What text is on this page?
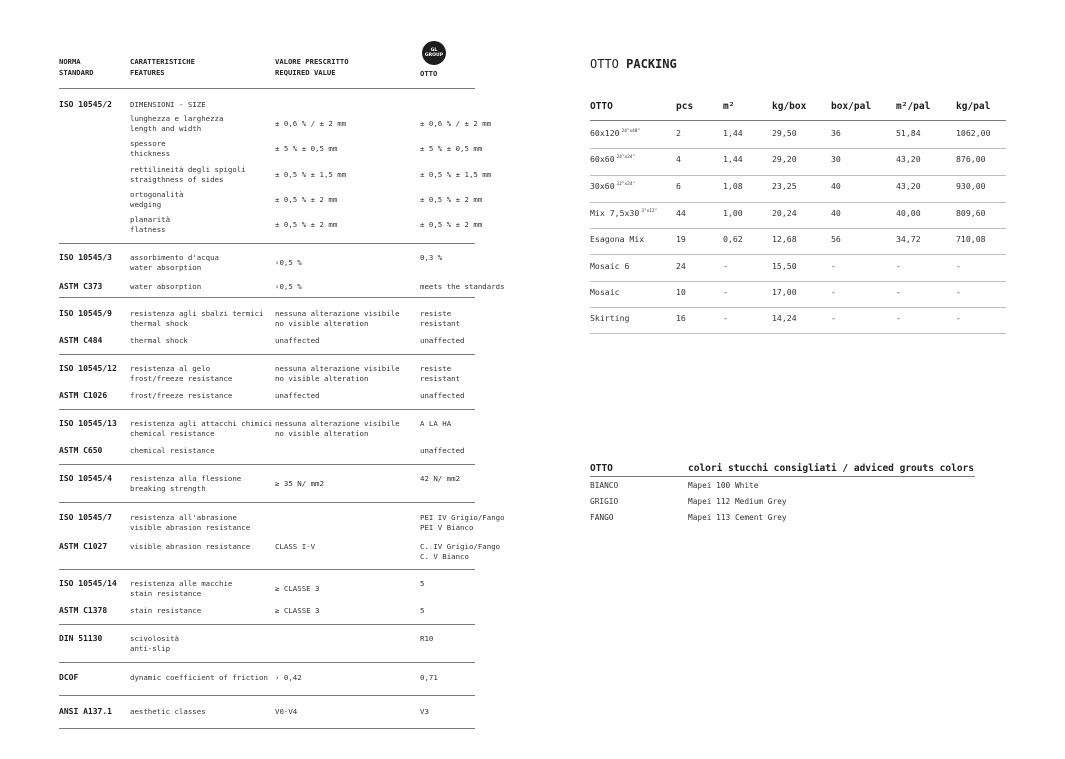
NORMA
STANDARD
CARATTERISTICHE
FEATURES
VALORE PRESCRITTO
REQUIRED VALUE	OTTO
GL
GROUP
ISO 10545/2 DIMENSIONI - SIZE
lunghezza e larghezza
length and width
± 0,6 % / ± 2 mm	± 0,6 % / ± 2 mm
spessore
thickness
± 5 % ± 0,5 mm	± 5 % ± 0,5 mm
rettilineità degli spigoli
straigthness of sides
± 0,5 % ± 1,5 mm	± 0,5 % ± 1,5 mm
ortogonalità
wedging
± 0,5 % ± 2 mm	± 0,5 % ± 2 mm
planarità
flatness
± 0,5 % ± 2 mm	± 0,5 % ± 2 mm
ISO 10545/3 assorbimento d'acqua
water absorption
‹0,5 %
0,3 %
ASTM C373	water absorption	‹0,5 %	meets the standards
ISO 10545/9 resistenza agli sbalzi termici
thermal shock
nessuna alterazione visibile
no visible alteration
resiste
resistant
ASTM C484	thermal shock	unaffected	unaffected
ISO 10545/12 resistenza al gelo
frost/freeze resistance
nessuna alterazione visibile
no visible alteration
resiste
resistant
ASTM C1026	frost/freeze resistance	unaffected	unaffected
ISO 10545/13 resistenza agli attacchi chimici
chemical resistance
nessuna alterazione visibile
no visible alteration
A LA HA
ASTM C650	chemical resistance	unaffected
ISO 10545/4 resistenza alla flessione
breaking strength
≥ 35 N/ mm2
42 N/ mm2
ISO 10545/7 resistenza all'abrasione
visible abrasion resistance
PEI IV Grigio/Fango
PEI V Bianco
ASTM C1027	visible abrasion resistance	CLASS I-V	C. IV Grigio/Fango
C. V Bianco
ISO 10545/14 resistenza alle macchie
stain resistance
≥ CLASSE 3
5
ASTM C1378	stain resistance	≥ CLASSE 3	5
DIN 51130	scivolosità
anti-slip
R10
DCOF	dynamic coefficient of friction › 0,42	0,71
ANSI A137.1 aesthetic classes	V0-V4	V3
OTTO PACKING
OTTO	pcs	m²	kg/box	box/pal	m²/pal	kg/pal
60x120 $^{24"x48"}$	2	1,44	29,50	36	51,84	1062,00
60x60 $^{24"x24"}$	4	1,44	29,20	30	43,20	876,00
30x60 $^{12"x24"}$	6	1,08	23,25	40	43,20	930,00
Mix 7,5x30 $^{3"x12"}$ 44	1,00	20,24	40	40,00	809,60
Esagona Mix	19	0,62	12,68	56	34,72	710,08
Mosaic 6	24	-	15,50	-	-	-
Mosaic	10	-	17,00	-	-	-
Skirting	16	-	14,24	-	-	-
OTTO	colori stucchi consigliati / adviced grouts colors
BIANCO	Mapei 100 White
GRIGIO	Mapei 112 Medium Grey
FANGO	Mapei 113 Cement Grey
